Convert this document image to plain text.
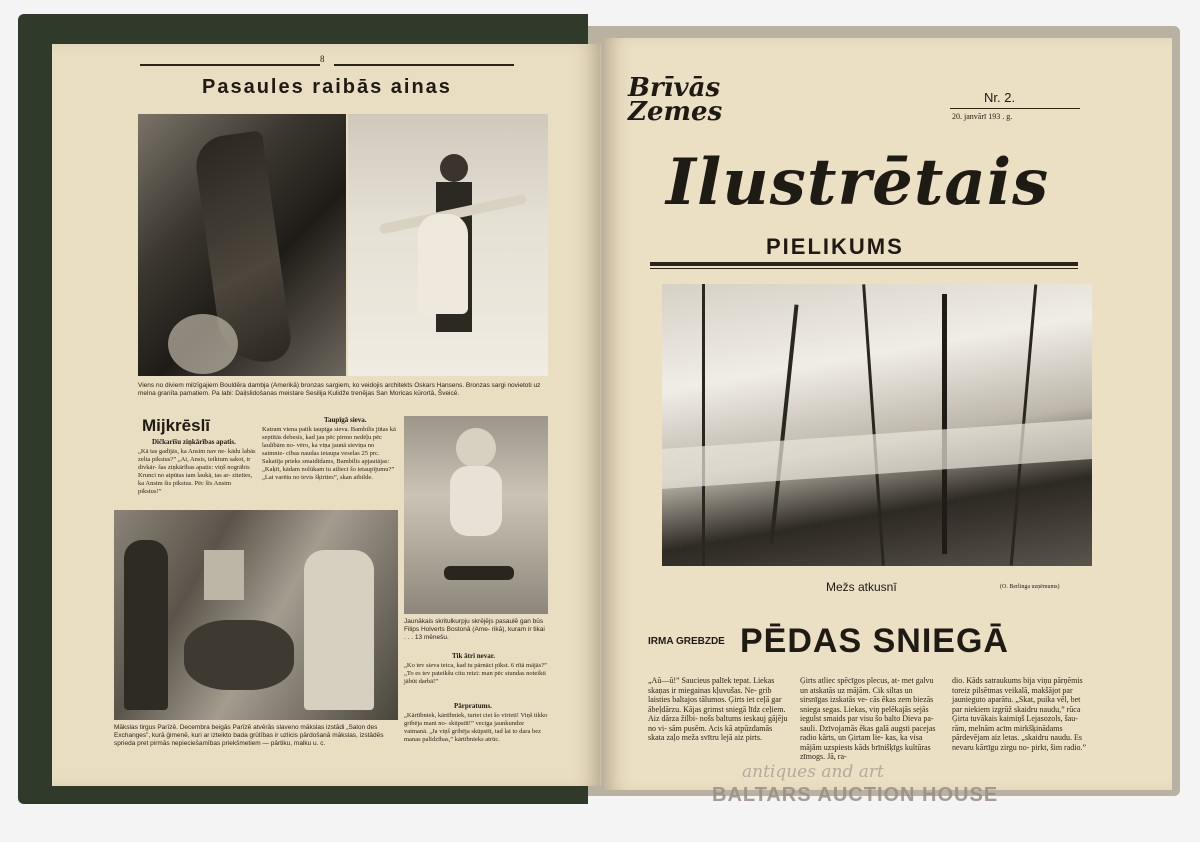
8
Pasaules raibās ainas
Viens no diviem milzīgajiem Bouldēra dambja (Amerikā) bronzas sargiem, ko veidojis architekts Oskars Hansens. Bronzas sargi novietoti uz melna granīta pamatiem. Pa labi: Daiļslidošanas meistare Sesilija Kulidže trenējas San Moricas kūrortā, Šveicē.
Mijkrēslī
Dičkarīšu ziņkārības apatis.
„Kā tas gadījās, ka Ansim nav ne- kādu labās zelta pikstus?” „Ai, Ansis, teiktum sakot, ir divkār- šas ziņkārības apatis: viņš nogrābis Krunci no atpūtas tam laukā, tas ar- ziteties, ka Ansim šis pikstus. Pēc šīs Ansim pikstus!”
Taupīgā sieva.
Katram viena patīk taupīga sieva. Bambilis jūtas kā septītās debesīs, kad jau pēc pirmo nedēļu pēc laulībām no- vēro, ka viņa jaunā sieviņa no saimnie- cības naudas ietaupa veselas 25 prc. Sakatīja prieks smaidīdams, Bambilis apjautājas: „Kaķīt, kādam nolūkam tu atlieci šo ietaupījumu?” „Lai varētu no tevis šķirties”, skan atbilde.
Jaunākais skritulkurpju skrējējs pasaulē gan būs Filips Holverts Bostonā (Ame- rikā), kuram ir tikai . . . 13 mēnešu.
Tik ātri nevar.
„Ko tev sieva teica, kad tu pārnāci pīkst. 6 rītā mājās?” „To es tev pateikšu citu reizi: man pēc stundas noteikti jābūt darbā!”
Pārpratums.
„Kārtībniek, kārtībniek, turiet ciet šo vīrieti! Viņš tikko gribēja mani no- skūpstīt!” veciga jaunkundze vaimanā. „Ja viņš gribēja skūpstīt, tad lai to dara bez manas palīdzības,” kārtībnieks atrūc.
Mākslas tirgus Parīzē. Decembra beigās Parīzē atvērās slaveno mākslas izstādi „Salon des Exchanges”, kurā ģimenē, kuri ar izteikto bada grūtības ir uzlicis pārdošanā mākslas, izstādēs sprieda pret pirmās nepieciešamības priekšmetiem — pārtiku, malku u. c.
Brīvās
Zemes	Nr. 2.
20. janvārī 193 . g.
Ilustrētais
PIELIKUMS
Mežs atkusnī	(O. Berlinga uzņēmums)
IRMA GREBZDE PĒDAS SNIEGĀ
„Aū—ū!” Saucieus palīek tepat. Liekas skaņas ir miegainas kļuvušas. Ne- grib laisties baltajos tālumos. Ģirts iet ceļā gar ābeļdārzu. Kājas grimst sniegā līdz ceļiem. Aiz dārza žilbi- nošs baltums ieskauj gājēju no vi- sām pusēm. Acis kā atpūzdamās skata zaļo meža svītru lejā aiz pirts.
Ģirts atliec spēcīgos plecus, at- met galvu un atskatās uz mājām. Cik siltas un sirsnīgas izskatās ve- cās ēkas zem biezās sniega segas. Liekas, viņ pelēkajās sejās iegulst smaids par visu šo balto Dieva pa- sauli. Dzīvojamās ēkas galā augsti pacejas radio kārts, un Ģirtam lie- kas, ka visa mājām uzspiests kāds brīnišķīgs kultūras zīmogs. Jā, ra-
dio. Kāds satraukums bija viņu pārņēmis toreiz pilsētmas veikalā, makšājot par jaunieguto aparātu. „Skat, puika vēl, bet par niekiem izgrūž skaidru naudu,” rūca Ģirta tuvākais kaimiņš Lejasozols, šau- rām, melnām acīm mirkšķinādams pārdevējam aiz letas. „skaidru naudu. Es nevaru kārtīgu zirgu no- pirkt, šim radio.”
antiques and art
BALTARS AUCTION HOUSE
